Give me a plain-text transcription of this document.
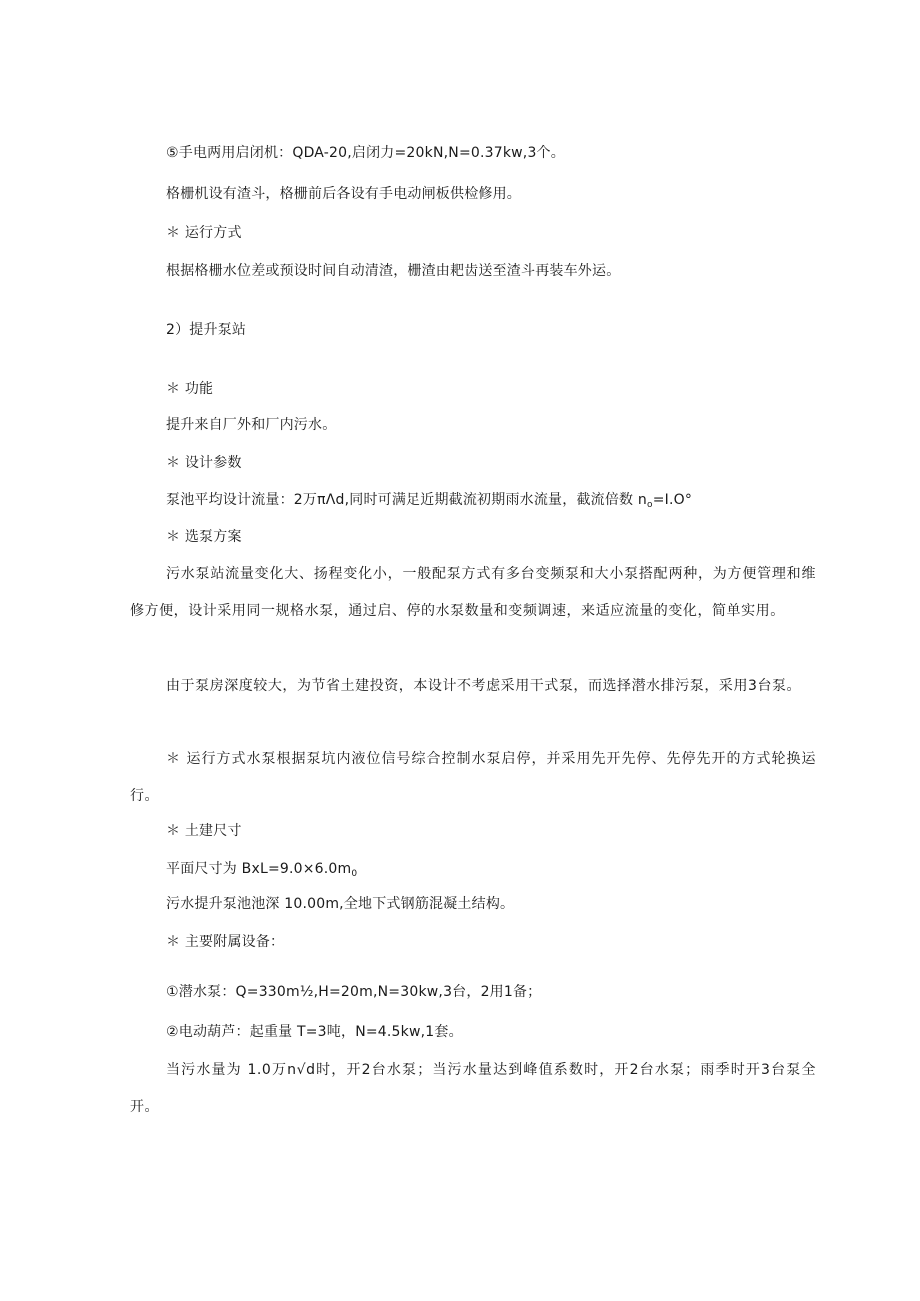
⑤手电两用启闭机：QDA-20,启闭力=20kN,N=0.37kw,3个。
格栅机设有渣斗，格栅前后各设有手电动闸板供检修用。
＊ 运行方式
根据格栅水位差或预设时间自动清渣，栅渣由耙齿送至渣斗再装车外运。
2）提升泵站
＊ 功能
提升来自厂外和厂内污水。
＊ 设计参数
泵池平均设计流量：2万πΛd,同时可满足近期截流初期雨水流量，截流倍数 $n_o=I.O^\circ$
＊ 选泵方案
污水泵站流量变化大、扬程变化小，一般配泵方式有多台变频泵和大小泵搭配两种，为方便管理和维修方便，设计采用同一规格水泵，通过启、停的水泵数量和变频调速，来适应流量的变化，简单实用。
由于泵房深度较大，为节省土建投资，本设计不考虑采用干式泵，而选择潜水排污泵，采用3台泵。
＊ 运行方式水泵根据泵坑内液位信号综合控制水泵启停，并采用先开先停、先停先开的方式轮换运行。
＊ 土建尺寸
平面尺寸为 $BxL=9.0\times 6.0m_0$
污水提升泵池池深 10.00m,全地下式钢筋混凝土结构。
＊ 主要附属设备：
①潜水泵：Q=330m½,H=20m,N=30kw,3台，2用1备；
②电动葫芦：起重量 T=3吨，N=4.5kw,1套。
当污水量为 1.0万n√d时，开2台水泵；当污水量达到峰值系数时，开2台水泵；雨季时开3台泵全开。
